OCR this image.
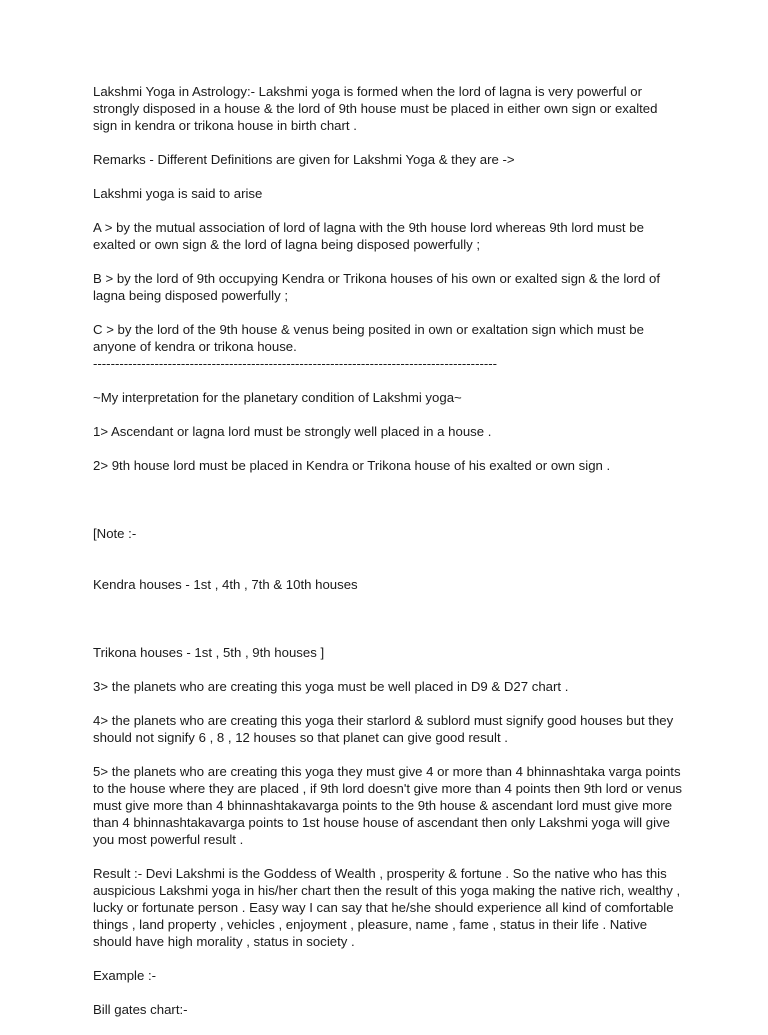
Lakshmi Yoga in Astrology:- Lakshmi yoga is formed when the lord of lagna is very powerful or strongly disposed in a house & the lord of 9th house must be placed in either own sign or exalted sign in kendra or trikona house in birth chart .

Remarks - Different Definitions are given for Lakshmi Yoga & they are ->

Lakshmi yoga is said to arise

A > by the mutual association of lord of lagna with the 9th house lord whereas 9th lord must be exalted or own sign & the lord of lagna being disposed powerfully ;

B > by the lord of 9th occupying Kendra or Trikona houses of his own or exalted sign & the lord of lagna being disposed powerfully ;

C > by the lord of the 9th house & venus being posited in own or exaltation sign which must be anyone of kendra or trikona house.

--------------------------------------------------------------------------------------------

~My interpretation for the planetary condition of Lakshmi yoga~

1> Ascendant or lagna lord must be strongly well placed in a house .

2> 9th house lord must be placed in Kendra or Trikona house of his exalted or own sign .

[Note :-

Kendra houses - 1st , 4th , 7th & 10th houses

Trikona houses - 1st , 5th , 9th houses ]

3> the planets who are creating this yoga must be well placed in D9 & D27 chart .

4> the planets who are creating this yoga their starlord & sublord must signify good houses but they should not signify 6 , 8 , 12 houses so that planet can give good result .

5> the planets who are creating this yoga they must give 4 or more than 4 bhinnashtaka varga points to the house where they are placed , if 9th lord doesn't give more than 4 points then 9th lord or venus must give more than 4 bhinnashtakavarga points to the 9th house & ascendant lord must give more than 4 bhinnashtakavarga points to 1st house house of ascendant then only Lakshmi yoga will give you most powerful result .

Result :- Devi Lakshmi is the Goddess of Wealth , prosperity & fortune . So the native who has this auspicious Lakshmi yoga in his/her chart then the result of this yoga making the native rich, wealthy , lucky or fortunate person . Easy way I can say that he/she should experience all kind of comfortable things , land property , vehicles , enjoyment , pleasure, name , fame , status in their life . Native should have high morality , status in society .

Example :-

Bill gates chart:-
